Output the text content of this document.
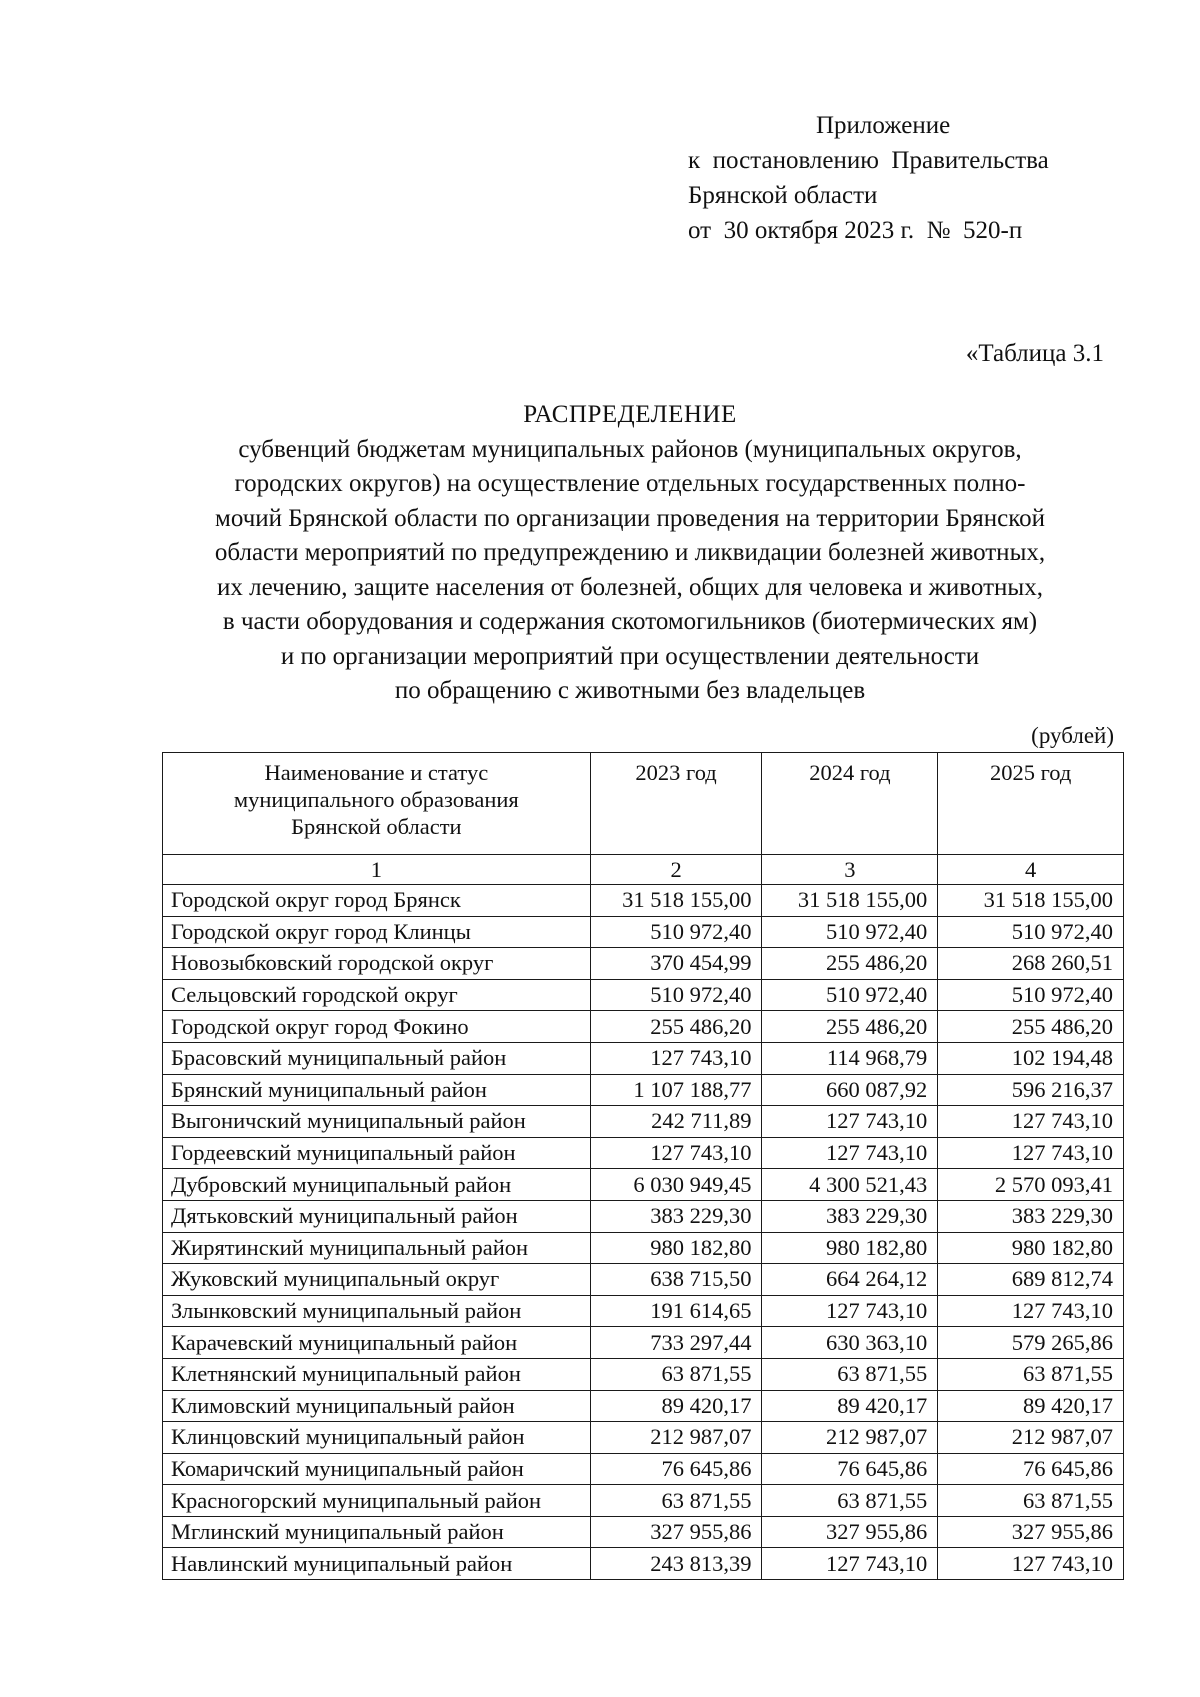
Приложение
к  постановлению  Правительства
Брянской области
от  30 октября 2023 г.  №  520-п
«Таблица 3.1
РАСПРЕДЕЛЕНИЕ
субвенций бюджетам муниципальных районов (муниципальных округов,
городских округов) на осуществление отдельных государственных полно-
мочий Брянской области по организации проведения на территории Брянской
области мероприятий по предупреждению и ликвидации болезней животных,
их лечению, защите населения от болезней, общих для человека и животных,
в части оборудования и содержания скотомогильников (биотермических ям)
и по организации мероприятий при осуществлении деятельности
по обращению с животными без владельцев
(рублей)
Наименование и статус
муниципального образования
Брянской области	2023 год	2024 год	2025 год
1	2	3	4
Городской округ город Брянск	31 518 155,00	31 518 155,00	31 518 155,00
Городской округ город Клинцы	510 972,40	510 972,40	510 972,40
Новозыбковский городской округ	370 454,99	255 486,20	268 260,51
Сельцовский городской округ	510 972,40	510 972,40	510 972,40
Городской округ город Фокино	255 486,20	255 486,20	255 486,20
Брасовский муниципальный район	127 743,10	114 968,79	102 194,48
Брянский муниципальный район	1 107 188,77	660 087,92	596 216,37
Выгоничский муниципальный район	242 711,89	127 743,10	127 743,10
Гордеевский муниципальный район	127 743,10	127 743,10	127 743,10
Дубровский муниципальный район	6 030 949,45	4 300 521,43	2 570 093,41
Дятьковский муниципальный район	383 229,30	383 229,30	383 229,30
Жирятинский муниципальный район	980 182,80	980 182,80	980 182,80
Жуковский муниципальный округ	638 715,50	664 264,12	689 812,74
Злынковский муниципальный район	191 614,65	127 743,10	127 743,10
Карачевский муниципальный район	733 297,44	630 363,10	579 265,86
Клетнянский муниципальный район	63 871,55	63 871,55	63 871,55
Климовский муниципальный район	89 420,17	89 420,17	89 420,17
Клинцовский муниципальный район	212 987,07	212 987,07	212 987,07
Комаричский муниципальный район	76 645,86	76 645,86	76 645,86
Красногорский муниципальный район	63 871,55	63 871,55	63 871,55
Мглинский муниципальный район	327 955,86	327 955,86	327 955,86
Навлинский муниципальный район	243 813,39	127 743,10	127 743,10
